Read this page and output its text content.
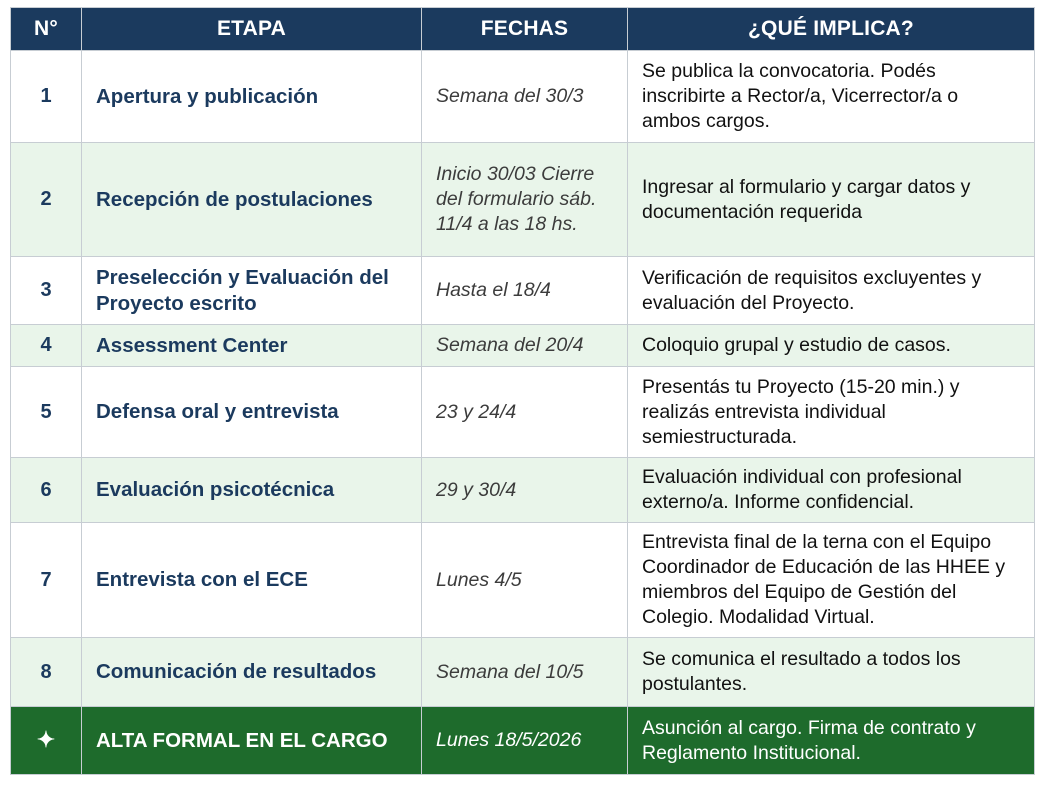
N°	ETAPA	FECHAS	¿QUÉ IMPLICA?
1	Apertura y publicación	Semana del 30/3	Se publica la convocatoria. Podés inscribirte a Rector/a, Vicerrector/a o ambos cargos.
2	Recepción de postulaciones	Inicio 30/03 Cierre del formulario sáb. 11/4 a las 18 hs.	Ingresar al formulario y cargar datos y documentación requerida
3	Preselección y Evaluación del Proyecto escrito	Hasta el 18/4	Verificación de requisitos excluyentes y evaluación del Proyecto.
4	Assessment Center	Semana del 20/4	Coloquio grupal y estudio de casos.
5	Defensa oral y entrevista	23 y 24/4	Presentás tu Proyecto (15-20 min.) y realizás entrevista individual semiestructurada.
6	Evaluación psicotécnica	29 y 30/4	Evaluación individual con profesional externo/a. Informe confidencial.
7	Entrevista con el ECE	Lunes 4/5	Entrevista final de la terna con el Equipo Coordinador de Educación de las HHEE y miembros del Equipo de Gestión del Colegio. Modalidad Virtual.
8	Comunicación de resultados	Semana del 10/5	Se comunica el resultado a todos los postulantes.
✦	ALTA FORMAL EN EL CARGO	Lunes 18/5/2026	Asunción al cargo. Firma de contrato y Reglamento Institucional.
